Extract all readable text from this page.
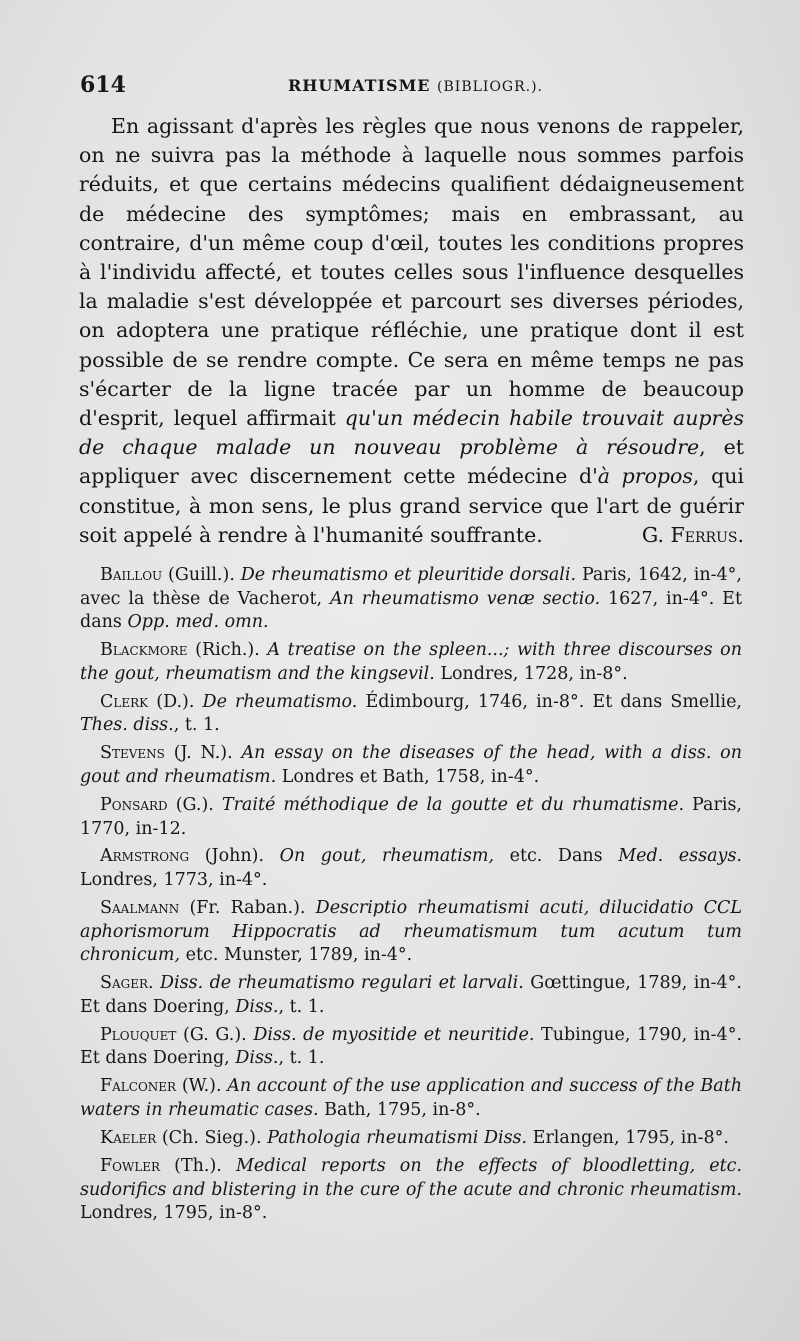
614	RHUMATISME (BIBLIOGR.).

En agissant d'après les règles que nous venons de rappeler, on ne suivra pas la méthode à laquelle nous sommes parfois réduits, et que certains médecins qualifient dédaigneusement de médecine des symptômes; mais en embrassant, au contraire, d'un même coup d'œil, toutes les conditions propres à l'individu affecté, et toutes celles sous l'influence desquelles la maladie s'est développée et parcourt ses diverses périodes, on adoptera une pratique réfléchie, une pratique dont il est possible de se rendre compte. Ce sera en même temps ne pas s'écarter de la ligne tracée par un homme de beaucoup d'esprit, lequel affirmait qu'un médecin habile trouvait auprès de chaque malade un nouveau problème à résoudre, et appliquer avec discernement cette médecine d'à propos, qui constitue, à mon sens, le plus grand service que l'art de guérir soit appelé à rendre à l'humanité souffrante.	G. Ferrus.

Baillou (Guill.). De rheumatismo et pleuritide dorsali. Paris, 1642, in-4°, avec la thèse de Vacherot, An rheumatismo venæ sectio. 1627, in-4°. Et dans Opp. med. omn.

Blackmore (Rich.). A treatise on the spleen...; with three discourses on the gout, rheumatism and the kingsevil. Londres, 1728, in-8°.

Clerk (D.). De rheumatismo. Édimbourg, 1746, in-8°. Et dans Smellie, Thes. diss., t. 1.

Stevens (J. N.). An essay on the diseases of the head, with a diss. on gout and rheumatism. Londres et Bath, 1758, in-4°.

Ponsard (G.). Traité méthodique de la goutte et du rhumatisme. Paris, 1770, in-12.

Armstrong (John). On gout, rheumatism, etc. Dans Med. essays. Londres, 1773, in-4°.

Saalmann (Fr. Raban.). Descriptio rheumatismi acuti, dilucidatio CCL aphorismorum Hippocratis ad rheumatismum tum acutum tum chronicum, etc. Munster, 1789, in-4°.

Sager. Diss. de rheumatismo regulari et larvali. Gœttingue, 1789, in-4°. Et dans Doering, Diss., t. 1.

Plouquet (G. G.). Diss. de myositide et neuritide. Tubingue, 1790, in-4°. Et dans Doering, Diss., t. 1.

Falconer (W.). An account of the use application and success of the Bath waters in rheumatic cases. Bath, 1795, in-8°.

Kaeler (Ch. Sieg.). Pathologia rheumatismi Diss. Erlangen, 1795, in-8°.

Fowler (Th.). Medical reports on the effects of bloodletting, etc. sudorifics and blistering in the cure of the acute and chronic rheumatism. Londres, 1795, in-8°.
